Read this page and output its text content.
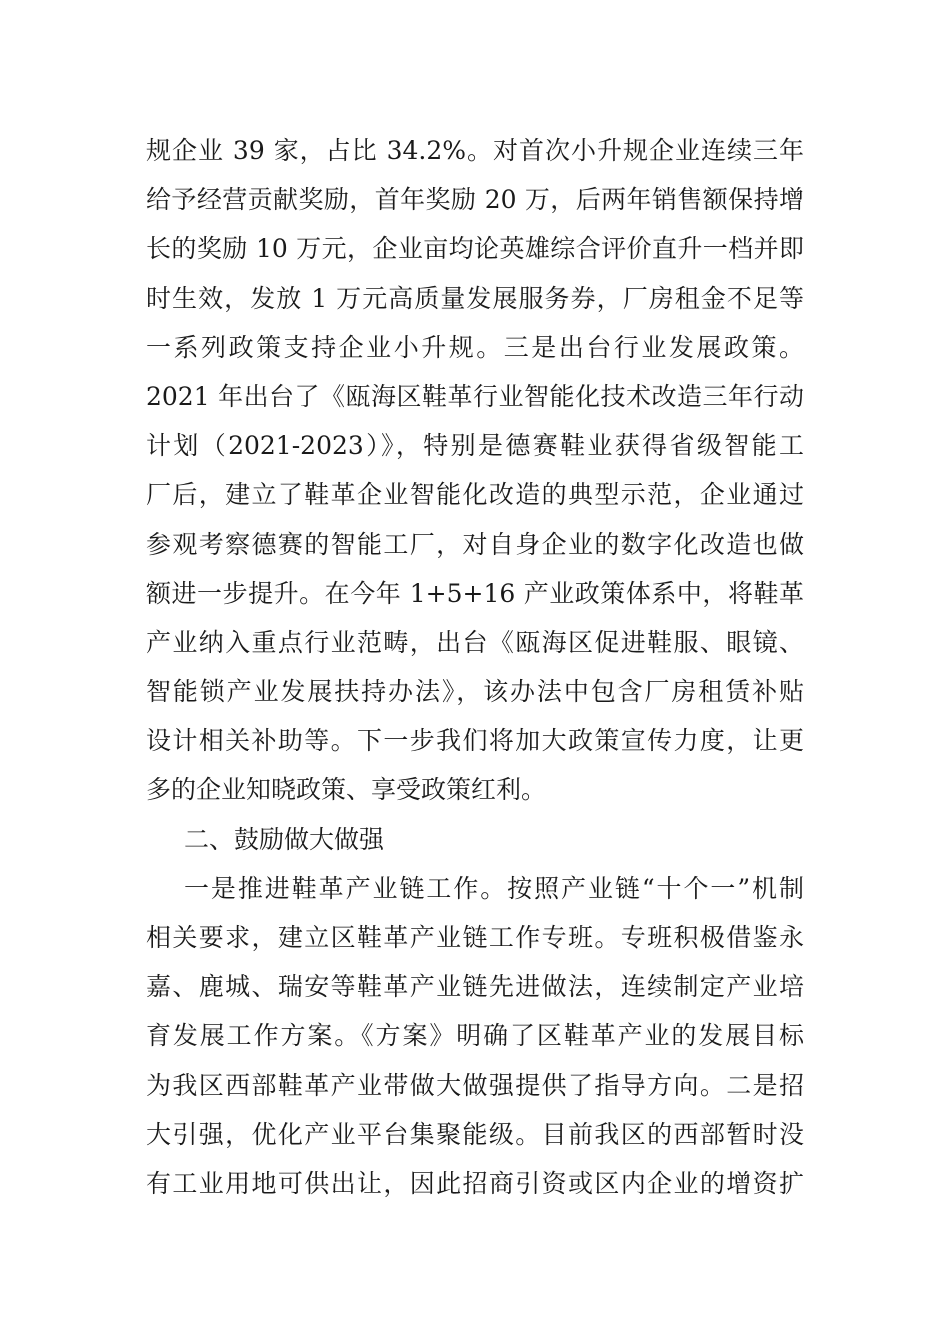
规企业 39 家，占比 34.2%。对首次小升规企业连续三年
给予经营贡献奖励，首年奖励 20 万，后两年销售额保持增
长的奖励 10 万元，企业亩均论英雄综合评价直升一档并即
时生效，发放 1 万元高质量发展服务券，厂房租金不足等
一系列政策支持企业小升规。三是出台行业发展政策。
2021 年出台了《瓯海区鞋革行业智能化技术改造三年行动
计划（2021-2023）》，特别是德赛鞋业获得省级智能工
厂后，建立了鞋革企业智能化改造的典型示范，企业通过
参观考察德赛的智能工厂，对自身企业的数字化改造也做
额进一步提升。在今年 1+5+16 产业政策体系中，将鞋革
产业纳入重点行业范畴，出台《瓯海区促进鞋服、眼镜、
智能锁产业发展扶持办法》，该办法中包含厂房租赁补贴
设计相关补助等。下一步我们将加大政策宣传力度，让更
多的企业知晓政策、享受政策红利。
二、鼓励做大做强
一是推进鞋革产业链工作。按照产业链“十个一”机制
相关要求，建立区鞋革产业链工作专班。专班积极借鉴永
嘉、鹿城、瑞安等鞋革产业链先进做法，连续制定产业培
育发展工作方案。《方案》明确了区鞋革产业的发展目标
为我区西部鞋革产业带做大做强提供了指导方向。二是招
大引强，优化产业平台集聚能级。目前我区的西部暂时没
有工业用地可供出让，因此招商引资或区内企业的增资扩
